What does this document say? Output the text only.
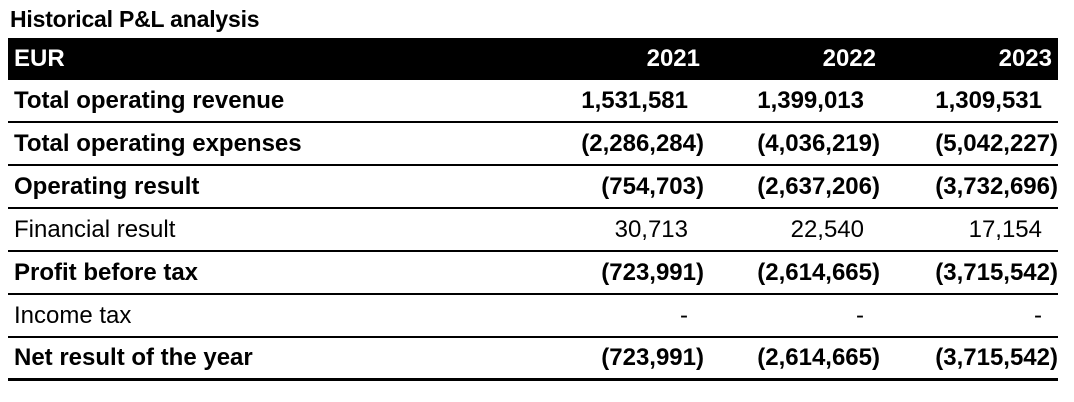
Historical P&L analysis
EUR	2021	2022	2023
Total operating revenue	1,531,581	1,399,013	1,309,531
Total operating expenses	(2,286,284)	(4,036,219)	(5,042,227)
Operating result	(754,703)	(2,637,206)	(3,732,696)
Financial result	30,713	22,540	17,154
Profit before tax	(723,991)	(2,614,665)	(3,715,542)
Income tax	-	-	-
Net result of the year	(723,991)	(2,614,665)	(3,715,542)
